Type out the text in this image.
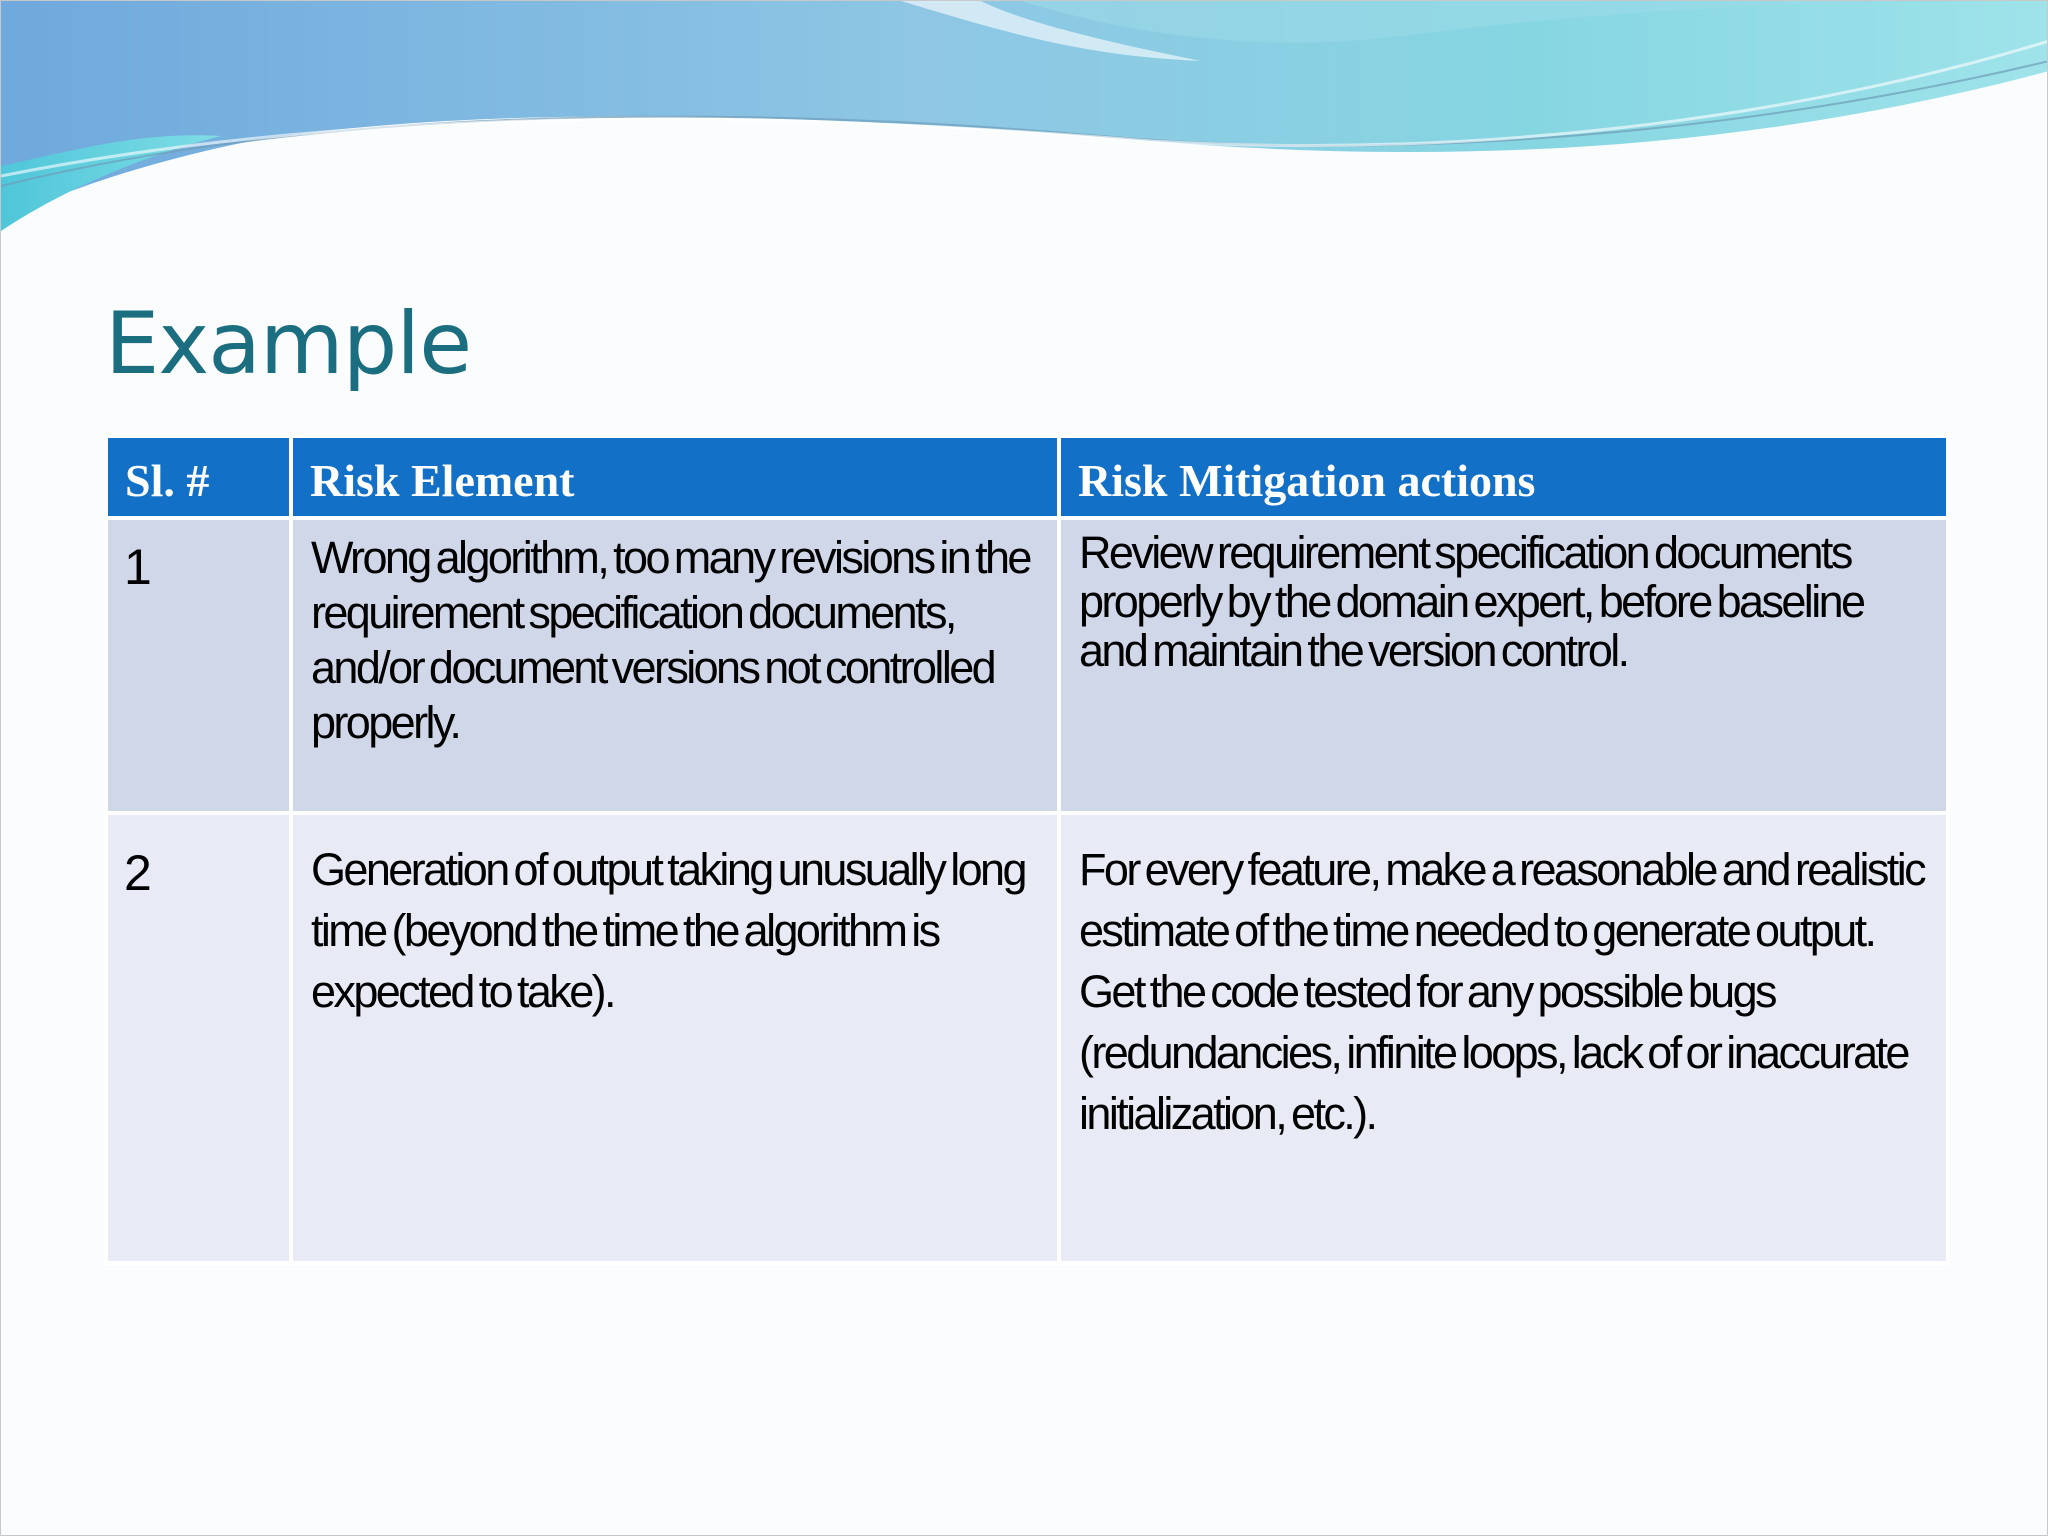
Example
Sl. #	Risk Element	Risk Mitigation actions
1	Wrong algorithm, too many revisions in the requirement specification documents, and/or document versions not controlled properly.	Review requirement specification documents properly by the domain expert, before baseline and maintain the version control.
2	Generation of output taking unusually long time (beyond the time the algorithm is expected to take).	For every feature, make a reasonable and realistic estimate of the time needed to generate output. Get the code tested for any possible bugs (redundancies, infinite loops, lack of or inaccurate initialization, etc.).
